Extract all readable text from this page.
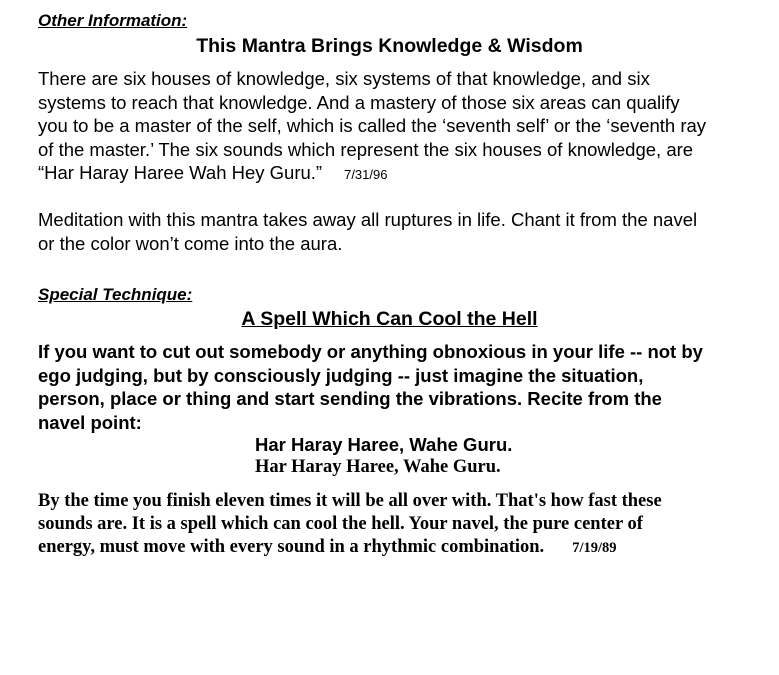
Other Information:
This Mantra Brings Knowledge & Wisdom
There are six houses of knowledge, six systems of that knowledge, and six
systems to reach that knowledge. And a mastery of those six areas can qualify
you to be a master of the self, which is called the ‘seventh self’ or the ‘seventh ray
of the master.’ The six sounds which represent the six houses of knowledge, are
“Har Haray Haree Wah Hey Guru.” 7/31/96
Meditation with this mantra takes away all ruptures in life. Chant it from the navel
or the color won’t come into the aura.
Special Technique:
A Spell Which Can Cool the Hell
If you want to cut out somebody or anything obnoxious in your life -- not by
ego judging, but by consciously judging -- just imagine the situation,
person, place or thing and start sending the vibrations. Recite from the
navel point:
Har Haray Haree, Wahe Guru.
Har Haray Haree, Wahe Guru.
By the time you finish eleven times it will be all over with. That's how fast these
sounds are. It is a spell which can cool the hell. Your navel, the pure center of
energy, must move with every sound in a rhythmic combination. 7/19/89
